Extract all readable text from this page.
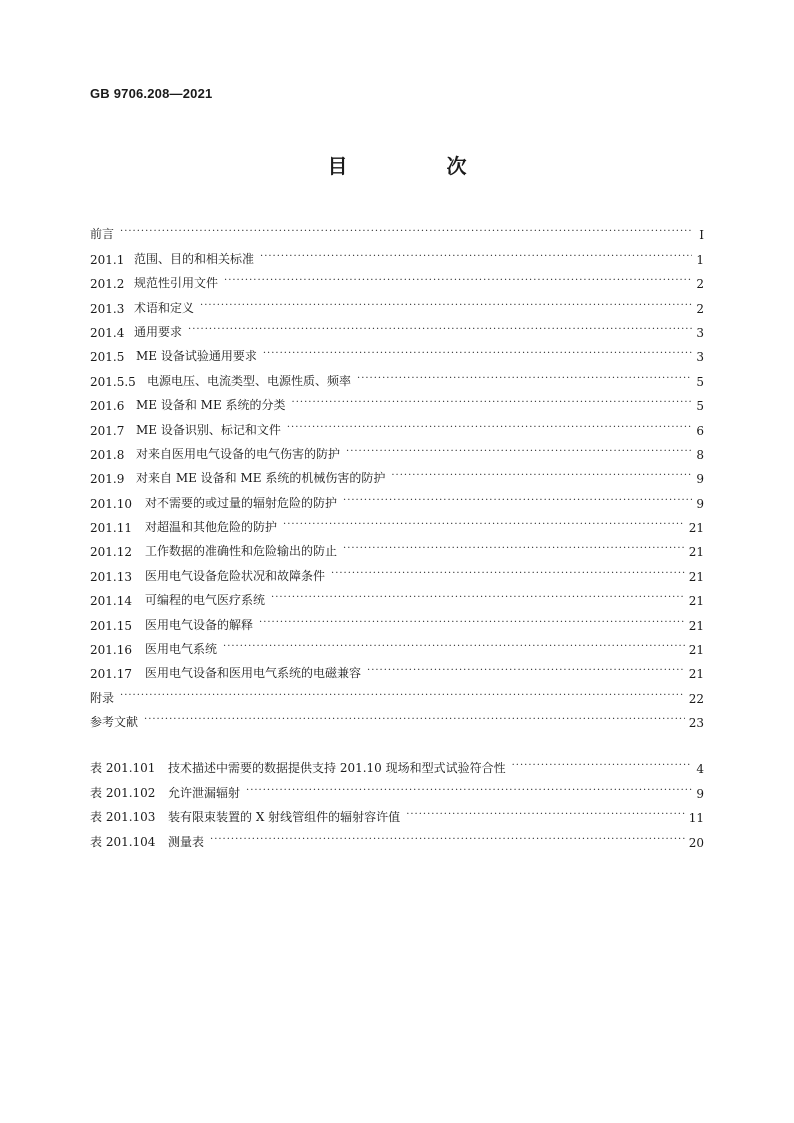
GB 9706.208—2021
目 次
前言 ·····	I
201.1 范围、目的和相关标准 ·····	1
201.2 规范性引用文件 ·····	2
201.3 术语和定义 ·····	2
201.4 通用要求 ·····	3
201.5 ME 设备试验通用要求 ·····	3
201.5.5 电源电压、电流类型、电源性质、频率 ·····	5
201.6 ME 设备和 ME 系统的分类 ·····	5
201.7 ME 设备识别、标记和文件 ·····	6
201.8 对来自医用电气设备的电气伤害的防护 ·····	8
201.9 对来自 ME 设备和 ME 系统的机械伤害的防护 ·····	9
201.10	对不需要的或过量的辐射危险的防护 ·····	9
201.11	对超温和其他危险的防护 ·····	21
201.12	工作数据的准确性和危险输出的防止 ·····	21
201.13	医用电气设备危险状况和故障条件 ·····	21
201.14	可编程的电气医疗系统 ·····	21
201.15	医用电气设备的解释 ·····	21
201.16	医用电气系统 ·····	21
201.17	医用电气设备和医用电气系统的电磁兼容 ·····	21
附录 ·····	22
参考文献 ·····	23
表 201.101	技术描述中需要的数据提供支持 201.10 现场和型式试验符合性 ·····	4
表 201.102	允许泄漏辐射 ·····	9
表 201.103	装有限束装置的 X 射线管组件的辐射容许值 ·····	11
表 201.104	测量表 ·····	20
